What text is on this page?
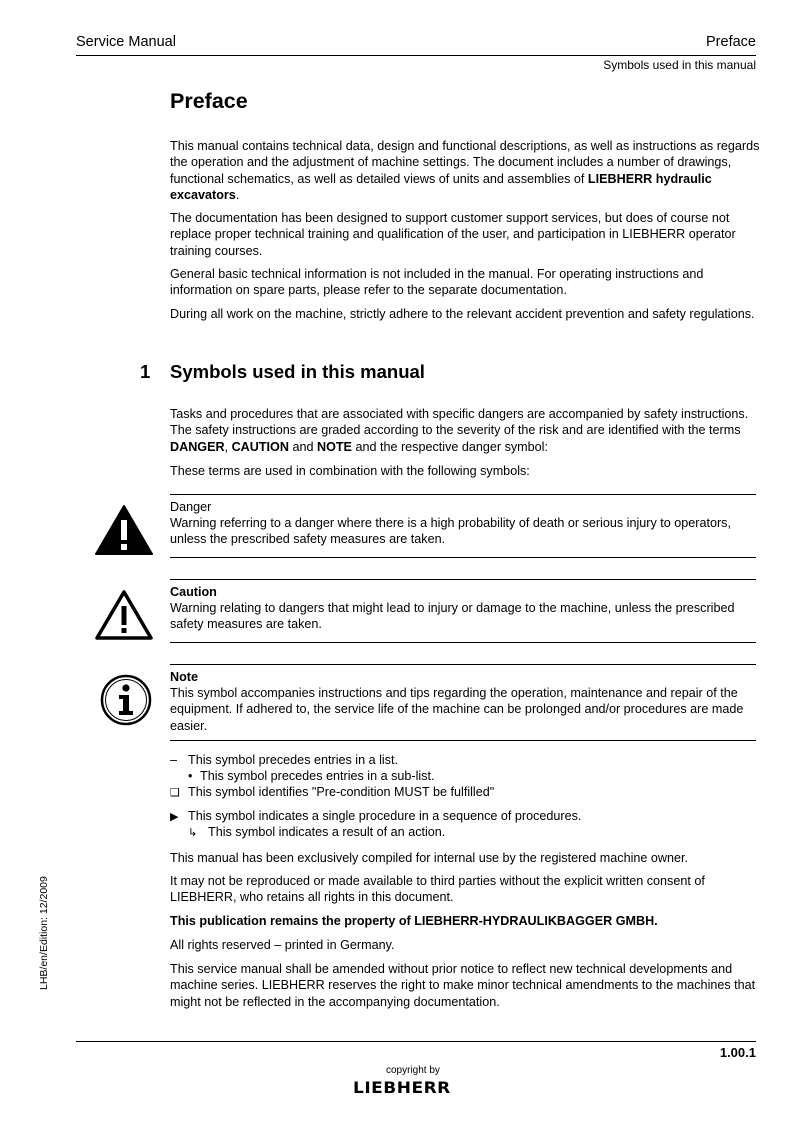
Service Manual	Preface
Symbols used in this manual
LHB/en/Edition: 12/2009
Preface
This manual contains technical data, design and functional descriptions, as well as instructions as regards the operation and the adjustment of machine settings. The document includes a number of drawings, functional schematics, as well as detailed views of units and assemblies of LIEBHERR hydraulic excavators.
The documentation has been designed to support customer support services, but does of course not replace proper technical training and qualification of the user, and participation in LIEBHERR operator training courses.
General basic technical information is not included in the manual. For operating instructions and information on spare parts, please refer to the separate documentation.
During all work on the machine, strictly adhere to the relevant accident prevention and safety regulations.
1 Symbols used in this manual
Tasks and procedures that are associated with specific dangers are accompanied by safety instructions. The safety instructions are graded according to the severity of the risk and are identified with the terms DANGER, CAUTION and NOTE and the respective danger symbol:
These terms are used in combination with the following symbols:
Danger
Warning referring to a danger where there is a high probability of death or serious injury to operators, unless the prescribed safety measures are taken.
Caution
Warning relating to dangers that might lead to injury or damage to the machine, unless the prescribed safety measures are taken.
Note
This symbol accompanies instructions and tips regarding the operation, maintenance and repair of the equipment. If adhered to, the service life of the machine can be prolonged and/or procedures are made easier.
– This symbol precedes entries in a list.
• This symbol precedes entries in a sub-list.
❑ This symbol identifies "Pre-condition MUST be fulfilled"
▶ This symbol indicates a single procedure in a sequence of procedures.
↳ This symbol indicates a result of an action.
This manual has been exclusively compiled for internal use by the registered machine owner.
It may not be reproduced or made available to third parties without the explicit written consent of LIEBHERR, who retains all rights in this document.
This publication remains the property of LIEBHERR-HYDRAULIKBAGGER GMBH.
All rights reserved – printed in Germany.
This service manual shall be amended without prior notice to reflect new technical developments and machine series. LIEBHERR reserves the right to make minor technical amendments to the machines that might not be reflected in the accompanying documentation.
1.00.1
copyright by
LIEBHERR
